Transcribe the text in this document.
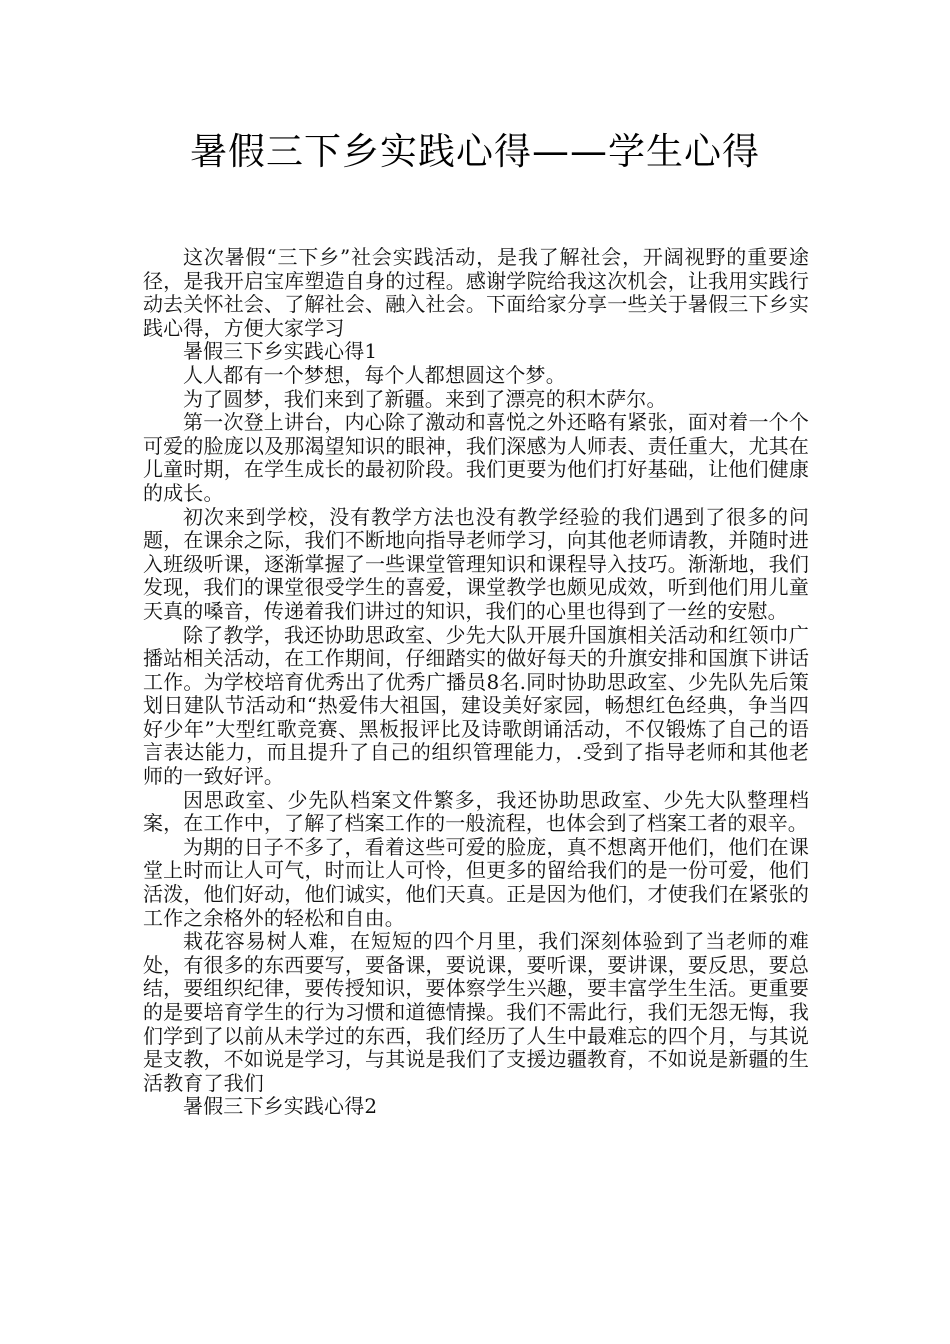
暑假三下乡实践心得——学生心得

这次暑假“三下乡”社会实践活动，是我了解社会，开阔视野的重要途径，是我开启宝库塑造自身的过程。感谢学院给我这次机会，让我用实践行动去关怀社会、了解社会、融入社会。下面给家分享一些关于暑假三下乡实践心得，方便大家学习

暑假三下乡实践心得1

人人都有一个梦想，每个人都想圆这个梦。

为了圆梦，我们来到了新疆。来到了漂亮的积木萨尔。

第一次登上讲台，内心除了激动和喜悦之外还略有紧张，面对着一个个可爱的脸庞以及那渴望知识的眼神，我们深感为人师表、责任重大，尤其在儿童时期，在学生成长的最初阶段。我们更要为他们打好基础，让他们健康的成长。

初次来到学校，没有教学方法也没有教学经验的我们遇到了很多的问题，在课余之际，我们不断地向指导老师学习，向其他老师请教，并随时进入班级听课，逐渐掌握了一些课堂管理知识和课程导入技巧。渐渐地，我们发现，我们的课堂很受学生的喜爱，课堂教学也颇见成效，听到他们用儿童天真的嗓音，传递着我们讲过的知识，我们的心里也得到了一丝的安慰。

除了教学，我还协助思政室、少先大队开展升国旗相关活动和红领巾广播站相关活动，在工作期间，仔细踏实的做好每天的升旗安排和国旗下讲话工作。为学校培育优秀出了优秀广播员8名.同时协助思政室、少先队先后策划日建队节活动和“热爱伟大祖国，建设美好家园，畅想红色经典，争当四好少年”大型红歌竞赛、黑板报评比及诗歌朗诵活动，不仅锻炼了自己的语言表达能力，而且提升了自己的组织管理能力，.受到了指导老师和其他老师的一致好评。

因思政室、少先队档案文件繁多，我还协助思政室、少先大队整理档案，在工作中，了解了档案工作的一般流程，也体会到了档案工者的艰辛。

为期的日子不多了，看着这些可爱的脸庞，真不想离开他们，他们在课堂上时而让人可气，时而让人可怜，但更多的留给我们的是一份可爱，他们活泼，他们好动，他们诚实，他们天真。正是因为他们，才使我们在紧张的工作之余格外的轻松和自由。

栽花容易树人难，在短短的四个月里，我们深刻体验到了当老师的难处，有很多的东西要写，要备课，要说课，要听课，要讲课，要反思，要总结，要组织纪律，要传授知识，要体察学生兴趣，要丰富学生生活。更重要的是要培育学生的行为习惯和道德情操。我们不需此行，我们无怨无悔，我们学到了以前从未学过的东西，我们经历了人生中最难忘的四个月，与其说是支教，不如说是学习，与其说是我们了支援边疆教育，不如说是新疆的生活教育了我们

暑假三下乡实践心得2
